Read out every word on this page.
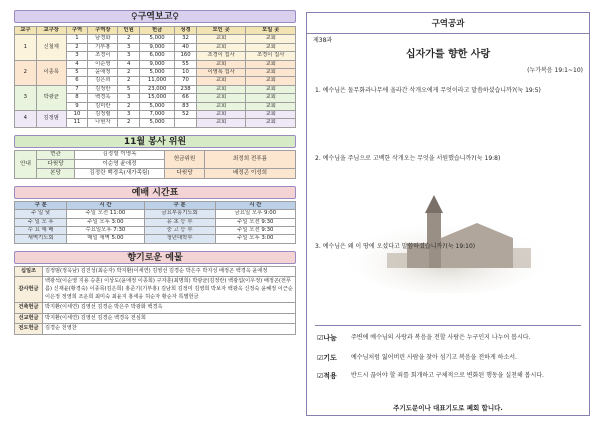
♀구역보고♀
교구	교구장	구역	구역장	인원	헌금	성경	모인 곳	모일 곳
1	신철재	1	남경화	2	5,000	32	교회	교회
		2	기부홍	3	9,000	40	교회	교회
		3	조경이	3	6,000	160	조경이 집사	조경이 집사
2	이종목	4	이순영	4	9,000	55	교회	교회
		5	윤애정	2	5,000	10	이영록 집사	교회
		6	김은희	2	11,000	70	교회	교회
3	박광균	7	김정란	5	23,000	238	교회	교회
		8	백경옥	3	15,000	66	교회	교회
		9	김미란	2	5,000	83	교회	교회
4	김정범	10	김정렬	3	7,000	52	교회	교회
		11	나현자	2	5,000		교회	교회
11월 봉사 위원
안내	현관	김정렬 이명옥	헌금위원	최정희 전푸름
	다윗당	이순영 윤애정		
	본당	김정란 백경옥(새가족팀)	다윗당	배정곤 이성희
예배 시간표
구 분	시 간	구 분	시 간
주 일 낮	주일 오전 11:00	금요부흥기도회	금요일 오후 9:00
주 일 오 후	주일 오후 3:00	유 초 등 부	주일 오전 9:30
수 요 예 배	수요일오후 7:30	중 고 등 부	주일 오전 9:30
새벽기도회	매일 새벽 5:00	청년대학부	주일 오후 3:00
향기로운 예물
십일조	김정범(정옥남) 김진성(최순자) 박지환(이세연) 김영선 김경순 박은주 박지성 배정곤 백경옥 윤애정
감사헌금	백광석(이순영 지용 승훈) 이상도(윤애정 이종희) 구자훈(최명희) 박광균(김정란) 백광섭(이우정) 배정곤(전푸름) 신재윤(황경숙) 이종목(김은희) 홍준기(기부홍) 김남희 김정미 김영희 박보자 백광옥 신정숙 윤혜정 이근순 이은정 정영희 조운희 최미숙 최윤지 홍세웅 허순자 황순자 특별헌금
건축헌금	박지환(이세연) 김영선 김경순 박은주 박광화 백경옥
선교헌금	박지환(이세연) 김영선 김경순 백경옥 전심희
전도헌금	김경순 천영찬
구역공과
제38과
십자가를 향한 사랑
(누가복음 19:1~10)
1. 예수님은 돌무화과나무에 올라간 삭개오에게 무엇이라고 말씀하셨습니까?(눅 19:5)
2. 예수님을 주님으로 고백한 삭개오는 무엇을 서원했습니까?(눅 19:8)
3. 예수님은 왜 이 땅에 오셨다고 말씀하셨습니까?(눅 19:10)
☑나눔	주변에 예수님의 사랑과 복음을 전할 사람은 누구인지 나누어 봅시다.
☑기도	예수님처럼 잃어버린 사람을 찾아 섬기고 복음을 전하게 하소서.
☑적용	반드시 끊어야 할 죄를 회개하고 구체적으로 변화된 행동을 실천해 봅시다.
주기도문이나 대표기도로 폐회 합니다.
